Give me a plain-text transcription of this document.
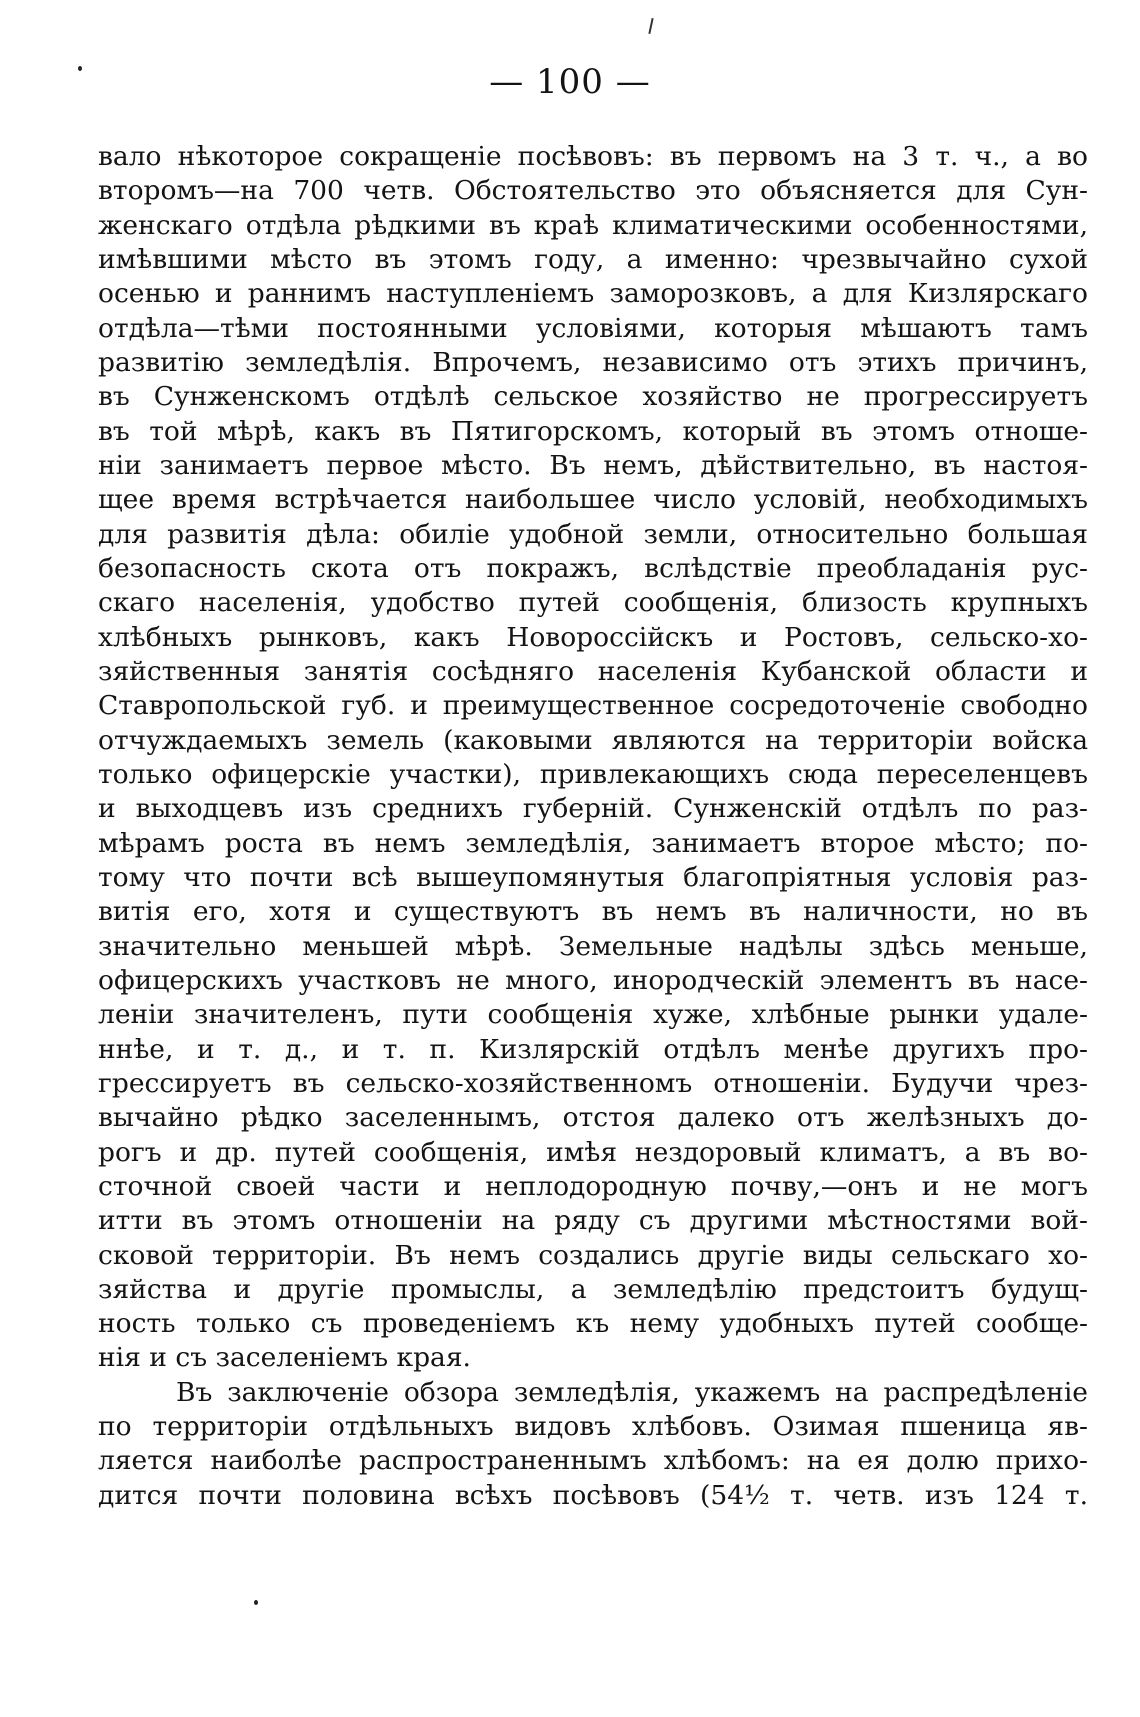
— 100 —
вало нѣкоторое сокращеніе посѣвовъ: въ первомъ на 3 т. ч., а во
второмъ—на 700 четв. Обстоятельство это объясняется для Сун-
женскаго отдѣла рѣдкими въ краѣ климатическими особенностями,
имѣвшими мѣсто въ этомъ году, а именно: чрезвычайно сухой
осенью и раннимъ наступленіемъ заморозковъ, а для Кизлярскаго
отдѣла—тѣми постоянными условіями, которыя мѣшаютъ тамъ
развитію земледѣлія. Впрочемъ, независимо отъ этихъ причинъ,
въ Сунженскомъ отдѣлѣ сельское хозяйство не прогрессируетъ
въ той мѣрѣ, какъ въ Пятигорскомъ, который въ этомъ отноше-
ніи занимаетъ первое мѣсто. Въ немъ, дѣйствительно, въ настоя-
щее время встрѣчается наибольшее число условій, необходимыхъ
для развитія дѣла: обиліе удобной земли, относительно большая
безопасность скота отъ покражъ, вслѣдствіе преобладанія рус-
скаго населенія, удобство путей сообщенія, близость крупныхъ
хлѣбныхъ рынковъ, какъ Новороссійскъ и Ростовъ, сельско-хо-
зяйственныя занятія сосѣдняго населенія Кубанской области и
Ставропольской губ. и преимущественное сосредоточеніе свободно
отчуждаемыхъ земель (каковыми являются на территоріи войска
только офицерскіе участки), привлекающихъ сюда переселенцевъ
и выходцевъ изъ среднихъ губерній. Сунженскій отдѣлъ по раз-
мѣрамъ роста въ немъ земледѣлія, занимаетъ второе мѣсто; по-
тому что почти всѣ вышеупомянутыя благопріятныя условія раз-
витія его, хотя и существуютъ въ немъ въ наличности, но въ
значительно меньшей мѣрѣ. Земельные надѣлы здѣсь меньше,
офицерскихъ участковъ не много, инородческій элементъ въ насе-
леніи значителенъ, пути сообщенія хуже, хлѣбные рынки удале-
ннѣе, и т. д., и т. п. Кизлярскій отдѣлъ менѣе другихъ про-
грессируетъ въ сельско-хозяйственномъ отношеніи. Будучи чрез-
вычайно рѣдко заселеннымъ, отстоя далеко отъ желѣзныхъ до-
рогъ и др. путей сообщенія, имѣя нездоровый климатъ, а въ во-
сточной своей части и неплодородную почву,—онъ и не могъ
итти въ этомъ отношеніи на ряду съ другими мѣстностями вой-
сковой территоріи. Въ немъ создались другіе виды сельскаго хо-
зяйства и другіе промыслы, а земледѣлію предстоитъ будущ-
ность только съ проведеніемъ къ нему удобныхъ путей сообще-
нія и съ заселеніемъ края.
Въ заключеніе обзора земледѣлія, укажемъ на распредѣленіе
по территоріи отдѣльныхъ видовъ хлѣбовъ. Озимая пшеница яв-
ляется наиболѣе распространеннымъ хлѣбомъ: на ея долю прихо-
дится почти половина всѣхъ посѣвовъ (54½ т. четв. изъ 124 т.
